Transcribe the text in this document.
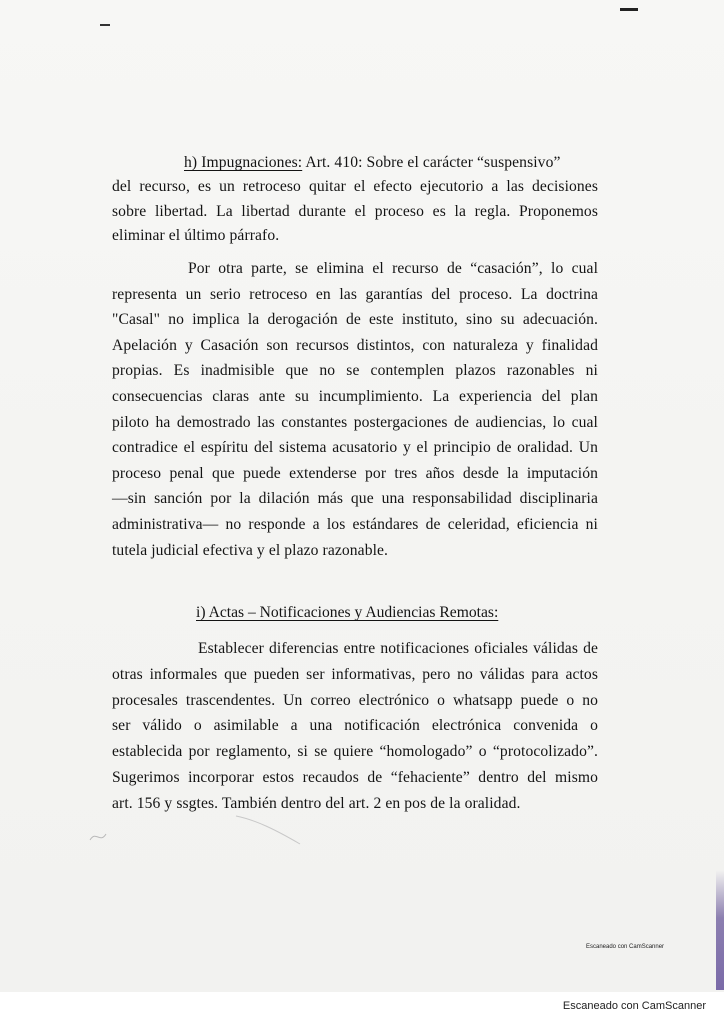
h) Impugnaciones: Art. 410: Sobre el carácter “suspensivo”
del recurso, es un retroceso quitar el efecto ejecutorio a las decisiones
sobre libertad. La libertad durante el proceso es la regla. Proponemos
eliminar el último párrafo.
Por otra parte, se elimina el recurso de “casación”, lo cual
representa un serio retroceso en las garantías del proceso. La doctrina
"Casal" no implica la derogación de este instituto, sino su adecuación.
Apelación y Casación son recursos distintos, con naturaleza y finalidad
propias. Es inadmisible que no se contemplen plazos razonables ni
consecuencias claras ante su incumplimiento. La experiencia del plan
piloto ha demostrado las constantes postergaciones de audiencias, lo cual
contradice el espíritu del sistema acusatorio y el principio de oralidad. Un
proceso penal que puede extenderse por tres años desde la imputación
—sin sanción por la dilación más que una responsabilidad disciplinaria
administrativa— no responde a los estándares de celeridad, eficiencia ni
tutela judicial efectiva y el plazo razonable.
i) Actas – Notificaciones y Audiencias Remotas:
Establecer diferencias entre notificaciones oficiales válidas de
otras informales que pueden ser informativas, pero no válidas para actos
procesales trascendentes. Un correo electrónico o whatsapp puede o no
ser válido o asimilable a una notificación electrónica convenida o
establecida por reglamento, si se quiere “homologado” o “protocolizado”.
Sugerimos incorporar estos recaudos de “fehaciente” dentro del mismo
art. 156 y ssgtes. También dentro del art. 2 en pos de la oralidad.
Escaneado con CamScanner
Escaneado con CamScanner
